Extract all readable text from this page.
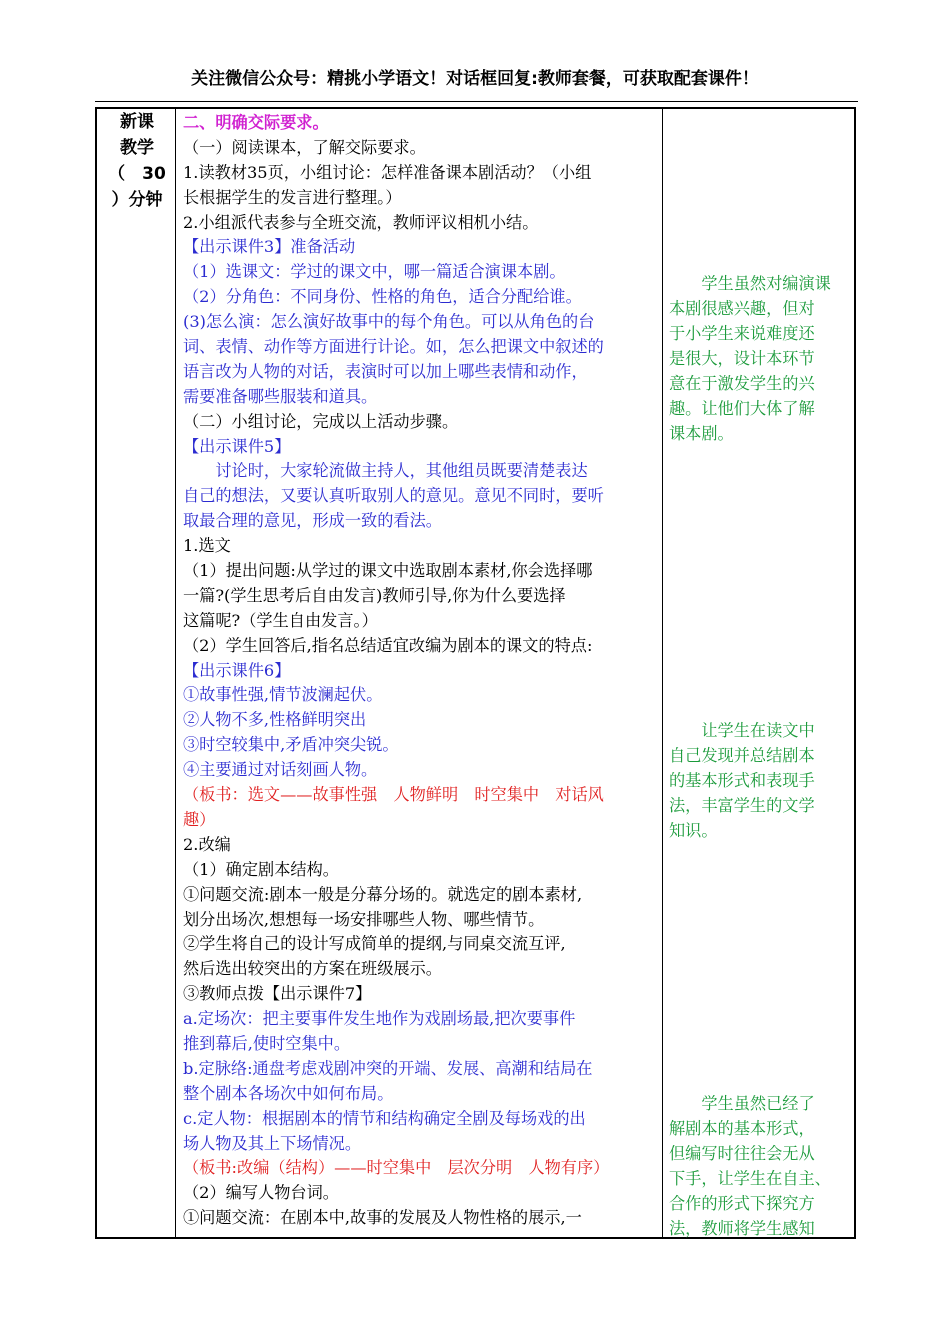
关注微信公众号：精挑小学语文！对话框回复:教师套餐，可获取配套课件！
新课
教学
（　30
）分钟
二、明确交际要求。
（一）阅读课本，了解交际要求。
1.读教材35页，小组讨论：怎样准备课本剧活动？（小组
长根据学生的发言进行整理。）
2.小组派代表参与全班交流，教师评议相机小结。
【出示课件3】准备活动
（1）选课文：学过的课文中，哪一篇适合演课本剧。
（2）分角色：不同身份、性格的角色，适合分配给谁。
(3)怎么演：怎么演好故事中的每个角色。可以从角色的台
词、表情、动作等方面进行计论。如，怎么把课文中叙述的
语言改为人物的对话，表演时可以加上哪些表情和动作，
需要准备哪些服装和道具。
（二）小组讨论，完成以上活动步骤。
【出示课件5】
　　讨论时，大家轮流做主持人，其他组员既要清楚表达
自己的想法，又要认真听取别人的意见。意见不同时，要听
取最合理的意见，形成一致的看法。
1.选文
（1）提出问题:从学过的课文中选取剧本素材,你会选择哪
一篇?(学生思考后自由发言)教师引导,你为什么要选择
这篇呢?（学生自由发言。）
（2）学生回答后,指名总结适宜改编为剧本的课文的特点:
【出示课件6】
①故事性强,情节波澜起伏。
②人物不多,性格鲜明突出
③时空较集中,矛盾冲突尖锐。
④主要通过对话刻画人物。
（板书：选文——故事性强　人物鲜明　时空集中　对话风
趣）
2.改编
（1）确定剧本结构。
①问题交流:剧本一般是分幕分场的。就选定的剧本素材,
划分出场次,想想每一场安排哪些人物、哪些情节。
②学生将自己的设计写成简单的提纲,与同桌交流互评,
然后选出较突出的方案在班级展示。
③教师点拨【出示课件7】
a.定场次：把主要事件发生地作为戏剧场最,把次要事件
推到幕后,使时空集中。
b.定脉络:通盘考虑戏剧冲突的开端、发展、高潮和结局在
整个剧本各场次中如何布局。
c.定人物：根据剧本的情节和结构确定全剧及每场戏的出
场人物及其上下场情况。
（板书:改编（结构）——时空集中　层次分明　人物有序）
（2）编写人物台词。
①问题交流：在剧本中,故事的发展及人物性格的展示,一
　　学生虽然对编演课
本剧很感兴趣，但对
于小学生来说难度还
是很大，设计本环节
意在于激发学生的兴
趣。让他们大体了解
课本剧。
　　让学生在读文中
自己发现并总结剧本
的基本形式和表现手
法，丰富学生的文学
知识。
　　学生虽然已经了
解剧本的基本形式，
但编写时往往会无从
下手，让学生在自主、
合作的形式下探究方
法，教师将学生感知
